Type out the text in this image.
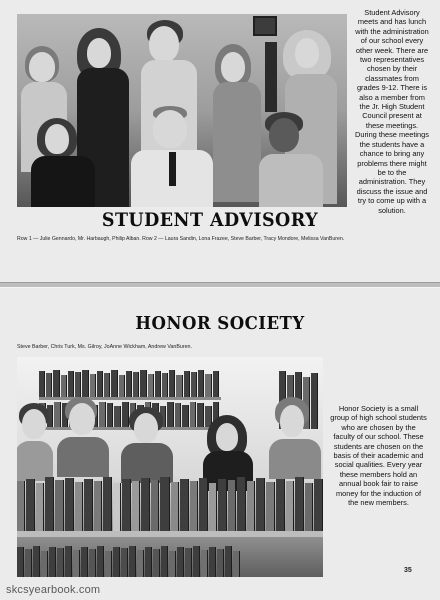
Student Advisory meets and has lunch with the administration of our school every other week. There are two representatives chosen by their classmates from grades 9-12. There is also a member from the Jr. High Student Council present at these meetings. During these meetings the students have a chance to bring any problems there might be to the administration. They discuss the issue and try to come up with a solution.
STUDENT ADVISORY
Row 1 — Julie Gennardo, Mr. Harbaugh, Philip Alban. Row 2 — Laura Sandin, Lona Frazee, Steve Barber, Tracy Mondore, Melissa VanBuren.
HONOR SOCIETY
Steve Barber, Chris Turk, Ms. Gilroy, JoAnne Wickham, Andrew VanBuren.
Honor Society is a small group of high school students who are chosen by the faculty of our school. These students are chosen on the basis of their academic and social qualities. Every year these members hold an annual book fair to raise money for the induction of the new members.
35
skcsyearbook.com
